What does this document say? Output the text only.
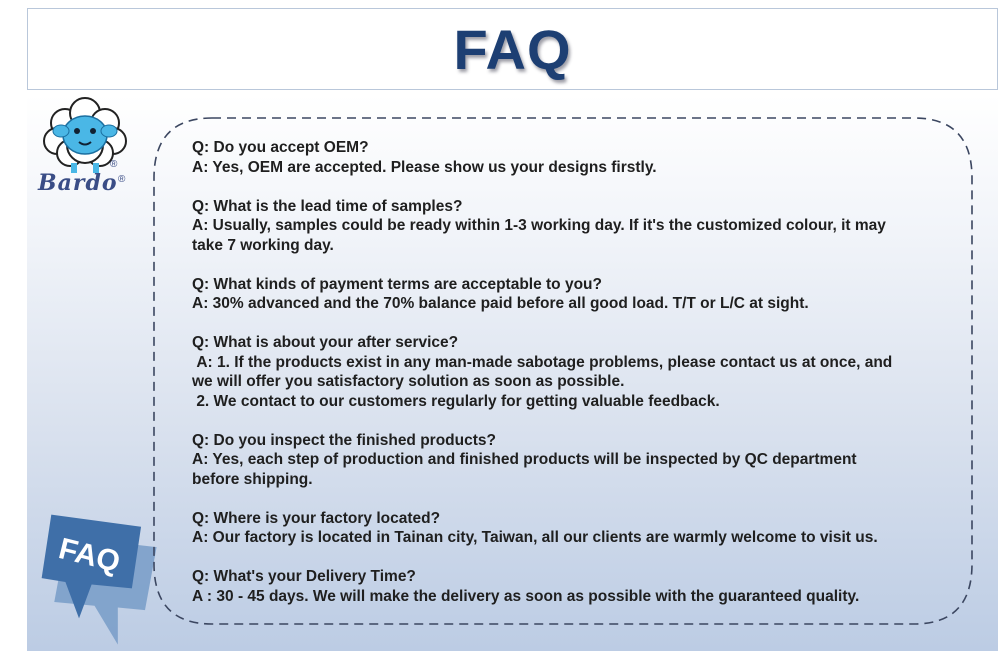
FAQ
Bardo
®
®
FAQ

Q: Do you accept OEM?

A: Yes, OEM are accepted. Please show us your designs firstly.

Q: What is the lead time of samples?

A: Usually, samples could be ready within 1-3 working day. If it's the customized colour, it may

take 7 working day.

Q: What kinds of payment terms are acceptable to you?

A: 30% advanced and the 70% balance paid before all good load. T/T or L/C at sight.

Q: What is about your after service?

A: 1. If the products exist in any man-made sabotage problems, please contact us at once, and

we will offer you satisfactory solution as soon as possible.

2. We contact to our customers regularly for getting valuable feedback.

Q: Do you inspect the finished products?

A: Yes, each step of production and finished products will be inspected by QC department

before shipping.

Q: Where is your factory located?

A: Our factory is located in Tainan city, Taiwan, all our clients are warmly welcome to visit us.

Q: What's your Delivery Time?

A : 30 - 45 days. We will make the delivery as soon as possible with the guaranteed quality.
